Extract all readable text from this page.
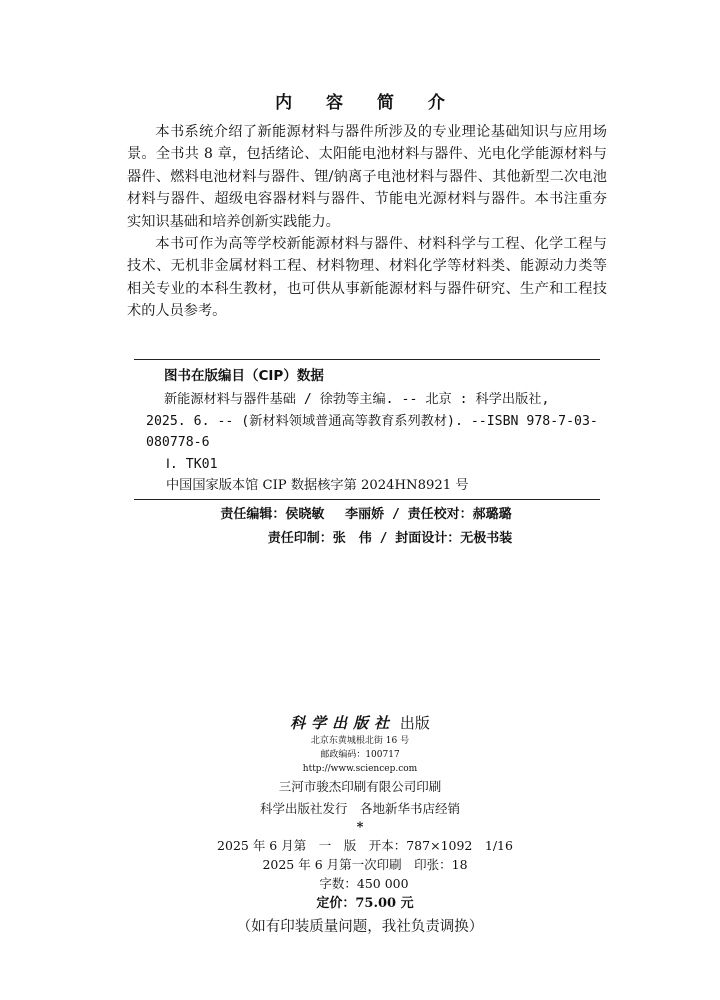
内 容 简 介

本书系统介绍了新能源材料与器件所涉及的专业理论基础知识与应用场景。全书共 8 章，包括绪论、太阳能电池材料与器件、光电化学能源材料与器件、燃料电池材料与器件、锂/钠离子电池材料与器件、其他新型二次电池材料与器件、超级电容器材料与器件、节能电光源材料与器件。本书注重夯实知识基础和培养创新实践能力。

本书可作为高等学校新能源材料与器件、材料科学与工程、化学工程与技术、无机非金属材料工程、材料物理、材料化学等材料类、能源动力类等相关专业的本科生教材，也可供从事新能源材料与器件研究、生产和工程技术的人员参考。

图书在版编目（CIP）数据
新能源材料与器件基础 / 徐勃等主编. -- 北京 : 科学出版社,
2025. 6. -- (新材料领域普通高等教育系列教材). --ISBN 978-7-03-080778-6
Ⅰ. TK01
中国国家版本馆 CIP 数据核字第 2024HN8921 号
责任编辑：侯晓敏　 李丽娇 / 责任校对：郝璐璐
责任印制：张　伟 / 封面设计：无极书装
科学出版社 出版
北京东黄城根北街 16 号
邮政编码：100717
http://www.sciencep.com
三河市骏杰印刷有限公司印刷
科学出版社发行　各地新华书店经销
*
2025 年 6 月第　一　版　开本：787×1092　1/16
2025 年 6 月第一次印刷　印张：18
字数：450 000
定价：75.00 元
（如有印装质量问题，我社负责调换）
